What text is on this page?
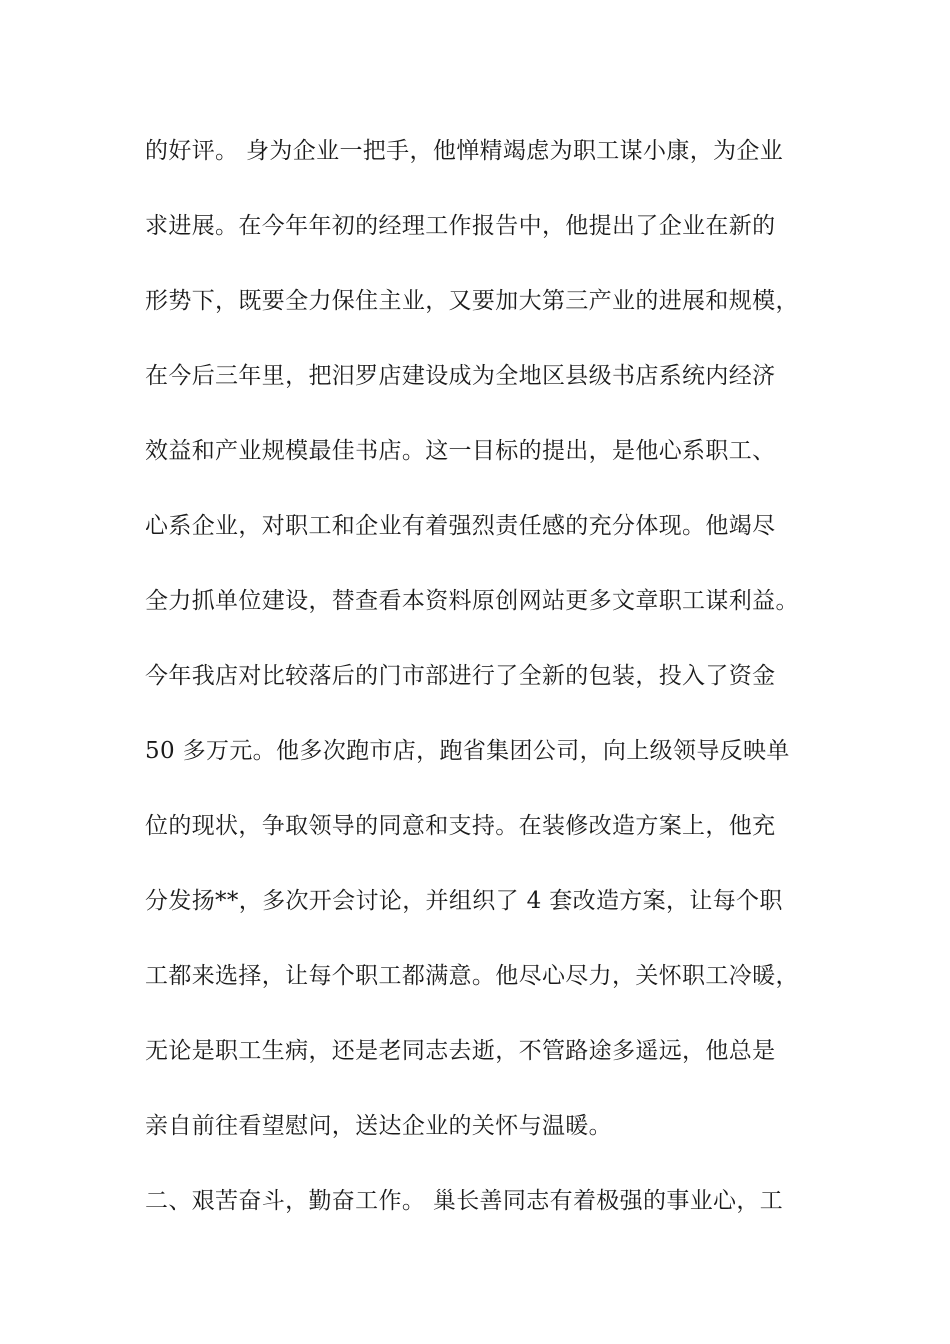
的好评。 身为企业一把手，他惮精竭虑为职工谋小康，为企业
求进展。在今年年初的经理工作报告中，他提出了企业在新的
形势下，既要全力保住主业，又要加大第三产业的进展和规模，
在今后三年里，把汨罗店建设成为全地区县级书店系统内经济
效益和产业规模最佳书店。这一目标的提出，是他心系职工、
心系企业，对职工和企业有着强烈责任感的充分体现。他竭尽
全力抓单位建设，替查看本资料原创网站更多文章职工谋利益。
今年我店对比较落后的门市部进行了全新的包装，投入了资金
50 多万元。他多次跑市店，跑省集团公司，向上级领导反映单
位的现状，争取领导的同意和支持。在装修改造方案上，他充
分发扬**，多次开会讨论，并组织了 4 套改造方案，让每个职
工都来选择，让每个职工都满意。他尽心尽力，关怀职工冷暖，
无论是职工生病，还是老同志去逝，不管路途多遥远，他总是
亲自前往看望慰问，送达企业的关怀与温暖。
二、艰苦奋斗，勤奋工作。 巢长善同志有着极强的事业心，工
